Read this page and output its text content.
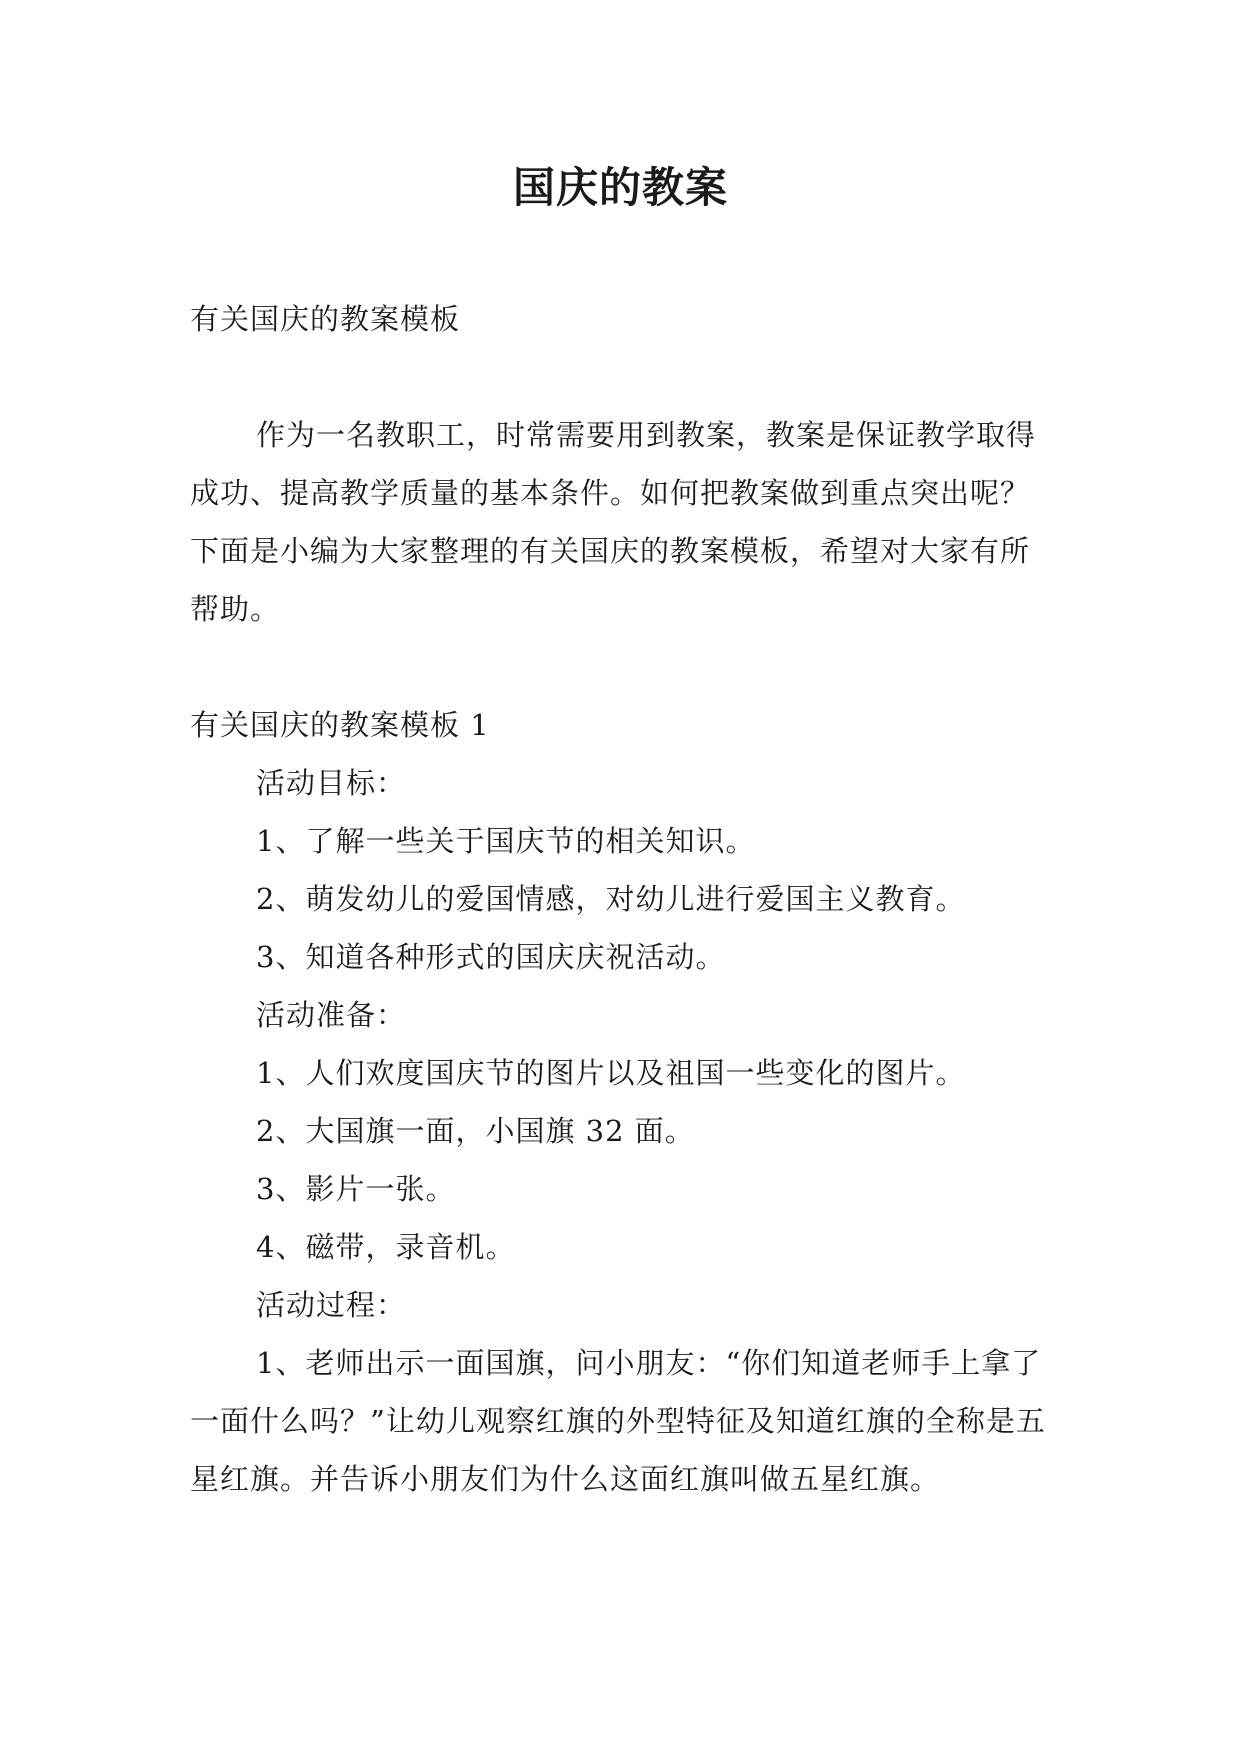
国庆的教案

有关国庆的教案模板

作为一名教职工，时常需要用到教案，教案是保证教学取得成功、提高教学质量的基本条件。如何把教案做到重点突出呢？下面是小编为大家整理的有关国庆的教案模板，希望对大家有所帮助。

有关国庆的教案模板 1

活动目标：

1、了解一些关于国庆节的相关知识。

2、萌发幼儿的爱国情感，对幼儿进行爱国主义教育。

3、知道各种形式的国庆庆祝活动。

活动准备：

1、人们欢度国庆节的图片以及祖国一些变化的图片。

2、大国旗一面，小国旗 32 面。

3、影片一张。

4、磁带，录音机。

活动过程：

1、老师出示一面国旗，问小朋友：“你们知道老师手上拿了一面什么吗？”让幼儿观察红旗的外型特征及知道红旗的全称是五星红旗。并告诉小朋友们为什么这面红旗叫做五星红旗。
